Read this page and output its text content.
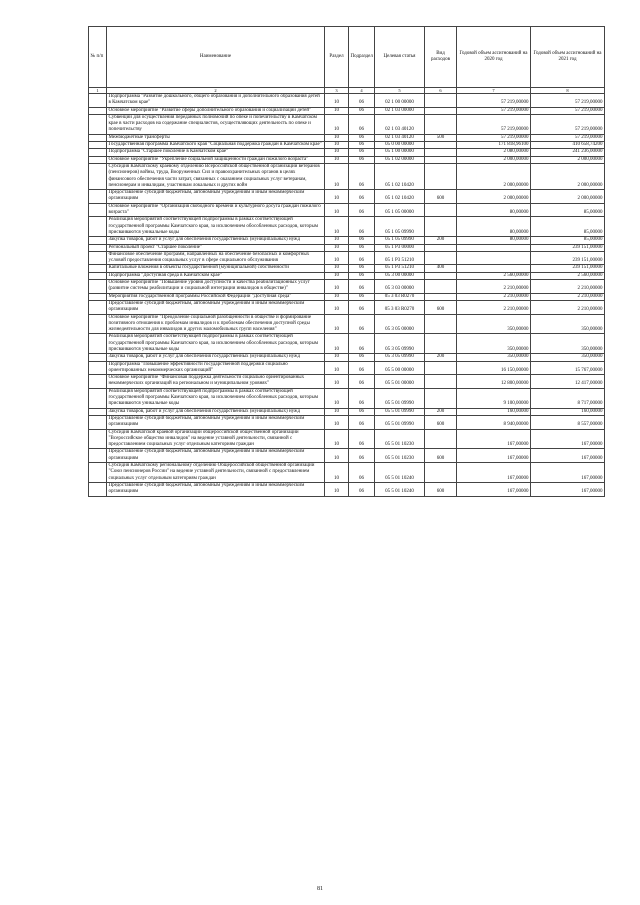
№ п/п	Наименование	Раздел	Подраздел	Целевая статья	Вид расходов	Годовой объем ассигнований на 2020 год	Годовой объем ассигнований на 2021 год
1	2	3	4	5	6	7	8
	Подпрограмма "Развитие дошкольного, общего образования и дополнительного образования детей в Камчатском крае"	10	06	02 1 00 00000		57 219,00000	57 219,00000
	Основное мероприятие "Развитие сферы дополнительного образования и социализации детей"	10	06	02 1 03 00000		57 219,00000	57 219,00000
	Субвенции для осуществления переданных полномочий по опеке и попечительству в Камчатском крае в части расходов на содержание специалистов, осуществляющих деятельность по опеке и попечительству	10	06	02 1 03 40120		57 219,00000	57 219,00000
	Межбюджетные трансферты	10	06	02 1 03 40120	500	57 219,00000	57 219,00000
	Государственная программа Камчатского края "Социальная поддержка граждан в Камчатском крае"	10	06	05 0 00 00000		171 818,96100	410 658,74200
	Подпрограмма "Старшее поколение в Камчатском крае"	10	06	05 1 00 00000		2 080,00000	241 236,00000
	Основное мероприятие "Укрепление социальной защищенности граждан пожилого возраста"	10	06	05 1 02 00000		2 000,00000	2 000,00000
	Субсидия Камчатскому краевому отделению Всероссийской общественной организации ветеранов (пенсионеров) войны, труда, Вооруженных Сил и правоохранительных органов в целях финансового обеспечения части затрат, связанных с оказанием социальных услуг ветеранам, пенсионерам и инвалидам, участникам локальных и других войн	10	06	05 1 02 10420		2 000,00000	2 000,00000
	Предоставление субсидий бюджетным, автономным учреждениям и иным некоммерческим организациям	10	06	05 1 02 10420	600	2 000,00000	2 000,00000
	Основное мероприятие "Организация свободного времени и культурного досуга граждан пожилого возраста"	10	06	05 1 05 00000		80,00000	85,00000
	Реализация мероприятий соответствующей подпрограммы в рамках соответствующей государственной программы Камчатского края, за исключением обособленных расходов, которым присваиваются уникальные коды	10	06	05 1 05 09990		80,00000	85,00000
	Закупка товаров, работ и услуг для обеспечения государственных (муниципальных) нужд	10	06	05 1 05 09990	200	80,00000	85,00000
	Региональный проект "Старшее поколение"	10	06	05 1 P3 00000			239 151,00000
	Финансовое обеспечение программ, направленных на обеспечение безопасных и комфортных условий предоставления социальных услуг в сфере социального обслуживания	10	06	05 1 P3 51210			239 151,00000
	Капитальные вложения в объекты государственной (муниципальной) собственности	10	06	05 1 P3 51210	400		239 151,00000
	Подпрограмма "Доступная среда в Камчатском крае"	10	06	05 3 00 00000		2 560,00000	2 560,00000
	Основное мероприятие "Повышение уровня доступности и качества реабилитационных услуг (развитие системы реабилитации и социальной интеграции инвалидов в обществе)"	10	06	05 3 03 00000		2 210,00000	2 210,00000
	Мероприятия государственной программы Российской Федерации "Доступная среда"	10	06	05 3 03 R0270		2 210,00000	2 210,00000
	Предоставление субсидий бюджетным, автономным учреждениям и иным некоммерческим организациям	10	06	05 3 03 R0270	600	2 210,00000	2 210,00000
	Основное мероприятие "Преодоление социальной разобщенности в обществе и формирование позитивного отношения к проблемам инвалидов и к проблемам обеспечения доступной среды жизнедеятельности для инвалидов и других маломобильных групп населения"	10	06	05 3 05 00000		350,00000	350,00000
	Реализация мероприятий соответствующей подпрограммы в рамках соответствующей государственной программы Камчатского края, за исключением обособленных расходов, которым присваиваются уникальные коды	10	06	05 3 05 09990		350,00000	350,00000
	Закупка товаров, работ и услуг для обеспечения государственных (муниципальных) нужд	10	06	05 3 05 09990	200	350,00000	350,00000
	Подпрограмма "Повышение эффективности государственной поддержки социально ориентированных некоммерческих организаций"	10	06	05 5 00 00000		16 150,00000	15 767,00000
	Основное мероприятие "Финансовая поддержка деятельности социально ориентированных некоммерческих организаций на региональном и муниципальном уровнях"	10	06	05 5 01 00000		12 800,00000	12 417,00000
	Реализация мероприятий соответствующей подпрограммы в рамках соответствующей государственной программы Камчатского края, за исключением обособленных расходов, которым присваиваются уникальные коды	10	06	05 5 01 09990		9 100,00000	8 717,00000
	Закупка товаров, работ и услуг для обеспечения государственных (муниципальных) нужд	10	06	05 5 01 09990	200	160,00000	160,00000
	Предоставление субсидий бюджетным, автономным учреждениям и иным некоммерческим организациям	10	06	05 5 01 09990	600	8 940,00000	8 557,00000
	Субсидия Камчатской краевой организации общероссийской общественной организации "Всероссийское общество инвалидов" на ведение уставной деятельности, связанной с предоставлением социальных услуг отдельным категориям граждан	10	06	05 5 01 10230		167,00000	167,00000
	Предоставление субсидий бюджетным, автономным учреждениям и иным некоммерческим организациям	10	06	05 5 01 10230	600	167,00000	167,00000
	Субсидия Камчатскому региональному отделению Общероссийской общественной организации "Союз пенсионеров России" на ведение уставной деятельности, связанной с предоставлением социальных услуг отдельным категориям граждан	10	06	05 5 01 10240		167,00000	167,00000
	Предоставление субсидий бюджетным, автономным учреждениям и иным некоммерческим организациям	10	06	05 5 01 10240	600	167,00000	167,00000
81
